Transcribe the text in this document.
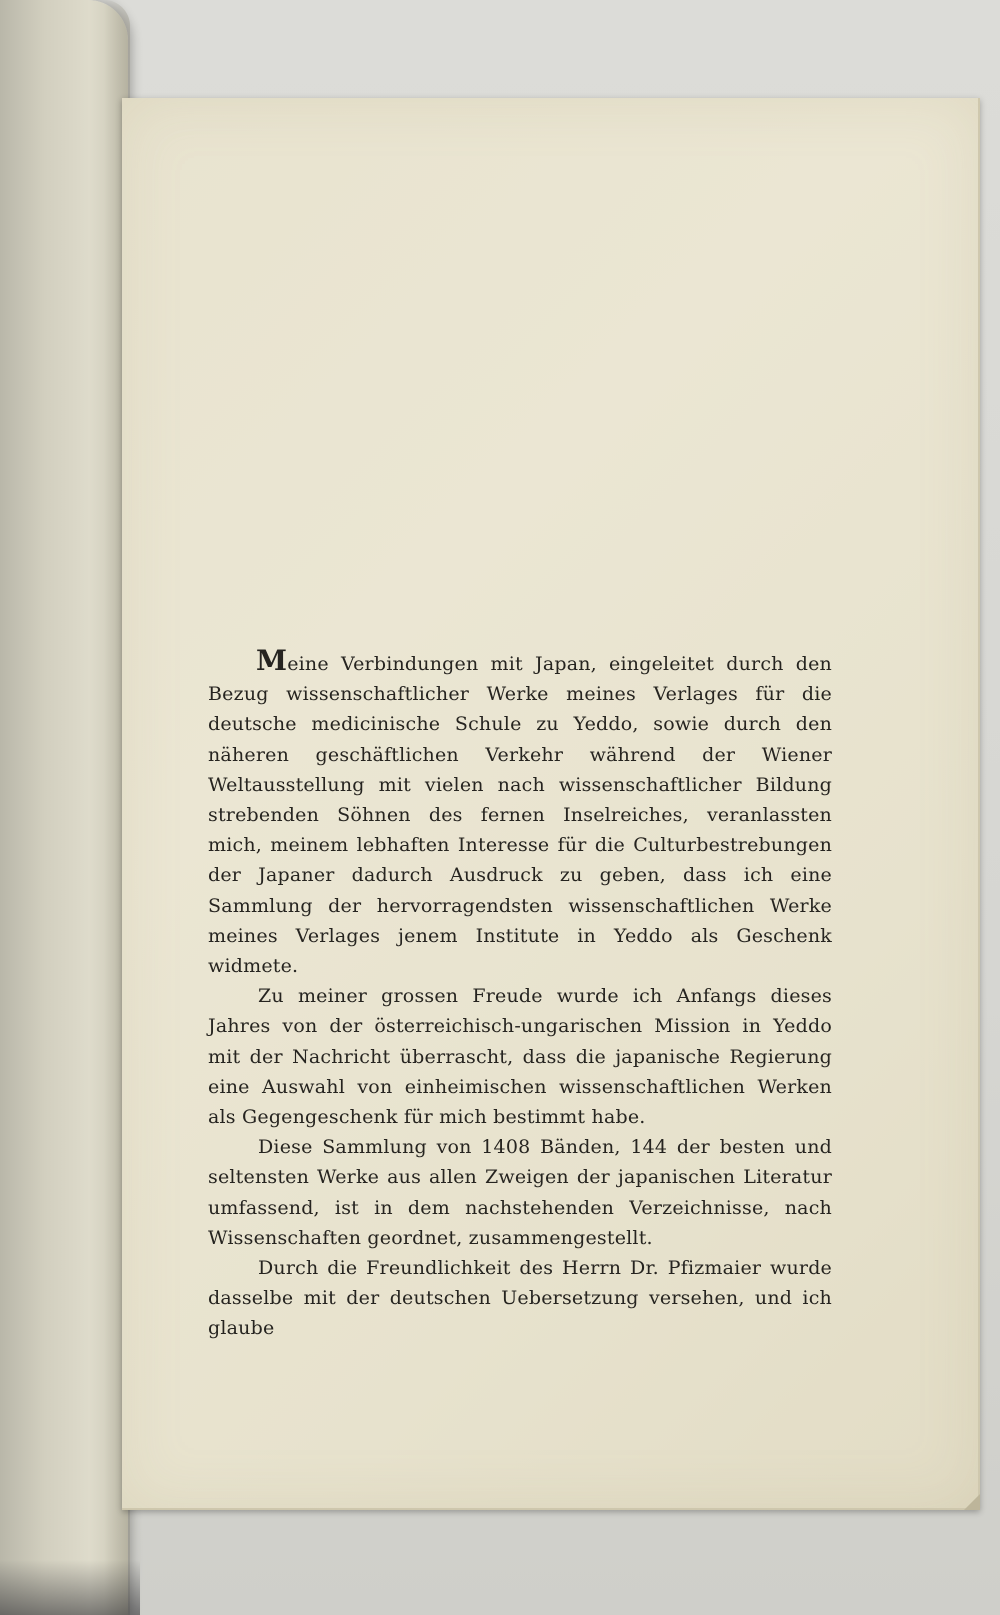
Meine Verbindungen mit Japan, eingeleitet durch den Bezug wissenschaftlicher Werke meines Verlages für die deutsche medicinische Schule zu Yeddo, sowie durch den näheren geschäftlichen Verkehr während der Wiener Weltausstellung mit vielen nach wissenschaftlicher Bildung strebenden Söhnen des fernen Inselreiches, veranlassten mich, meinem lebhaften Interesse für die Culturbestrebungen der Japaner dadurch Ausdruck zu geben, dass ich eine Sammlung der hervorragendsten wissenschaftlichen Werke meines Verlages jenem Institute in Yeddo als Geschenk widmete.

Zu meiner grossen Freude wurde ich Anfangs dieses Jahres von der österreichisch-ungarischen Mission in Yeddo mit der Nachricht überrascht, dass die japanische Regierung eine Auswahl von einheimischen wissenschaftlichen Werken als Gegengeschenk für mich bestimmt habe.

Diese Sammlung von 1408 Bänden, 144 der besten und seltensten Werke aus allen Zweigen der japanischen Literatur umfassend, ist in dem nachstehenden Verzeichnisse, nach Wissenschaften geordnet, zusammengestellt.

Durch die Freundlichkeit des Herrn Dr. Pfizmaier wurde dasselbe mit der deutschen Uebersetzung versehen, und ich glaube
